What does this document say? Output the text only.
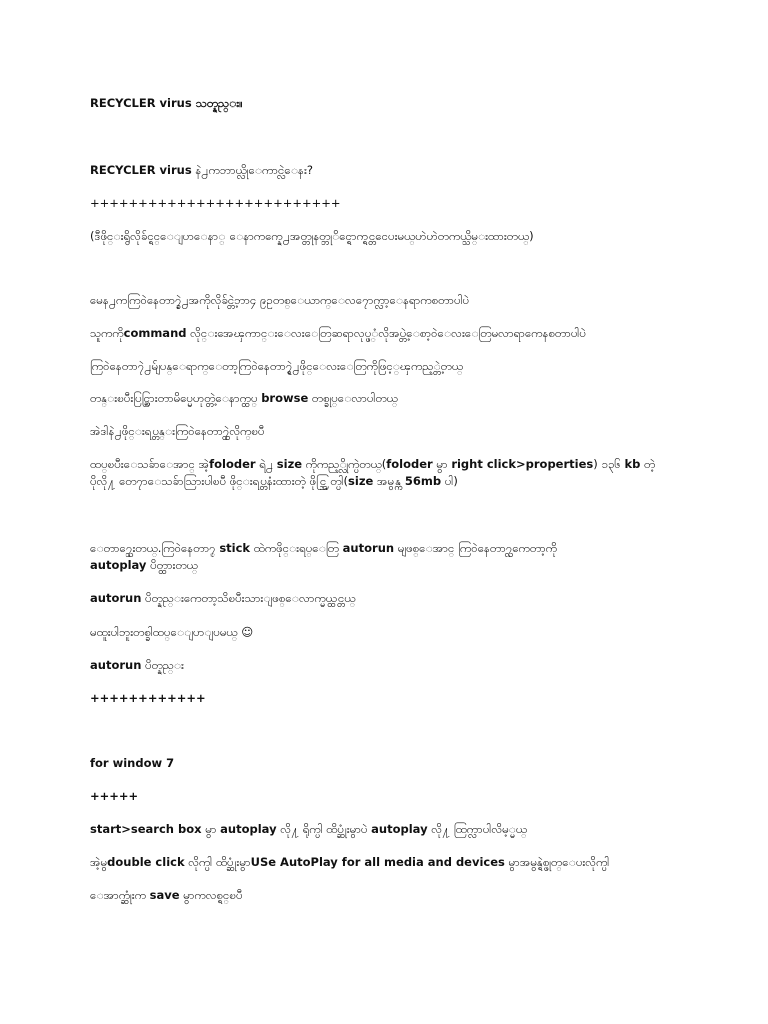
RECYCLER virus သတ္နည္း။
RECYCLER virus နဲ႕ကဘာယ္လိုေကာင္လဲေနး?
++++++++++++++++++++++++++
(ဒီဖိုင္းရွိလိုခ်င္ရင္ေျပာေနာ္ ေနာကက္နေ႕အတ္တုနတ္ဘုိင္ရောက္ရင္တငေပးမယ္ဟဲဟဲတကယ္သိမ္းထားတယ္)
မေန႕ကကြ၀ဲနေတာ၇္ခဲ႕အကိုလိုခ်င္တဲ့ဘာ၄ ၉ဥတစ္ေယာက္ေလ၇ောက္လာ့ေနရာကစတာပါပဲ
သူကကိုcommand လိုင္းအေၾကာင္းေလးေတြဆရာလုပ္ဖ္ံလိုအပ္တဲ့ေစာ့ဝဲေလးေတြမလာရာကေနစတာပါပဲ
ကြ၀ဲနေတာ၇ဲ႕မ်ျပန္ေရာက္ေတာ့ကြ၀ဲနေတာ၇္ရဲ႕ဖိုင္ေလးေတြကိုဖြင့္ၾကည့္တဲ့တယ္
တန္းၿပီးပြင္ဆြားတာမိပ္မေဟုတ္တဲ့ေနာက္ထပ္ browse တစ္ခုပ္ေလာပါတယ္
အဲဒါနဲ႕ဖိုင္းရပ္တန္းကြ၀ဲနေတာ၇္ထဲလိုက္ၿပီ
ထပ္ၿပီးေသခ်ာေအာင္ အဲ့foloder ရဲ႕ size ကိုကည့္လိုက္ပဲတယ္(foloder မွာ right click>properties) ၁၃၆ kb တဲ့
ပိုလို႔ တေ၇ာေသခ်ာသြားပါၿပီ ဖိုင္းရပ္တနံးထားတဲ့ ဖိုင္အြတ္ပါ(size အမွန္က 56mb ပါ)
ေတာ၇္သေးတယ္.ကြ၀ဲနေတာ၇္ stick ထဲကဖိုင္းရပ္ေတြ autorun မျဖစ္ေအာင္ ကြ၀ဲနေတာ၇္လကေတာ့ကို
autoplay ပိတ္ထားတယ္
autorun ပိတ္နည္းကေတာ့သိၿပီးသားျဖစ္ေလာက္မယ္ထင္တယ္
မထူးပါဘူးတစ္ခါထပ္ေျပာျပမယ္ ☺
autorun ပိတ္နည္း
++++++++++++
for window 7
+++++
start>search box မွာ autoplay လို႔ ရိုက္ပါ ထိပ္ဆုံးမွာပဲ autoplay လို႔ ထြက္လာပါလိမ့္မယ္
အဲ့မွdouble click လိုက္ပါ ထိပ္ဆုံးမွာUSe AutoPlay for all media and devices မွာအမွန္ရဲစ္ဖုတ္ေပးလိုက္ပါ
ေအာက္ဆုံးက save မွာကလစ္ရင္ၿပီ
